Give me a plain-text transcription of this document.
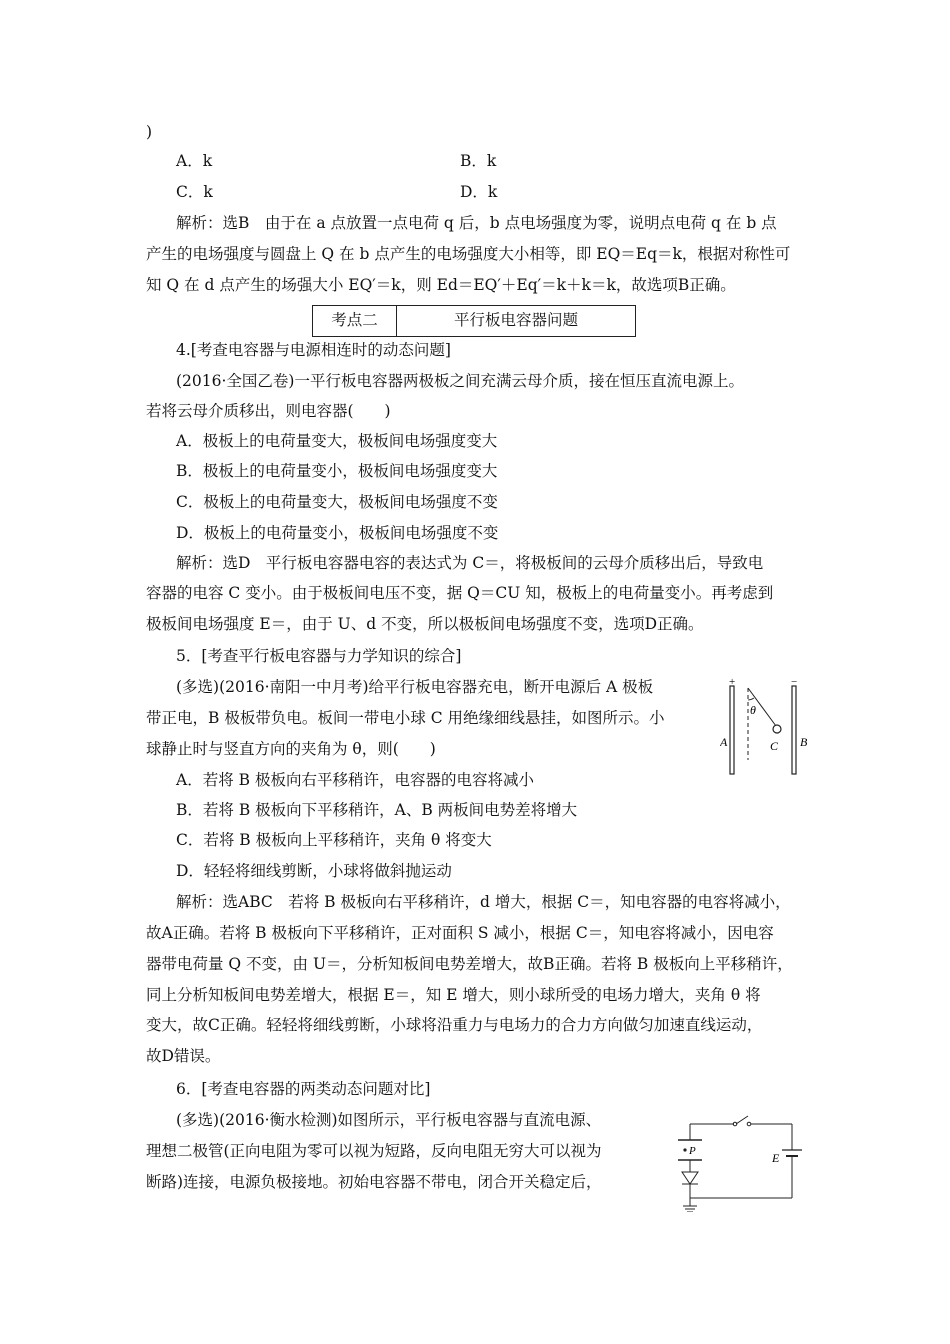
)
A．k	B．k
C．k	D．k
解析：选B　由于在 a 点放置一点电荷 q 后，b 点电场强度为零，说明点电荷 q 在 b 点
产生的电场强度与圆盘上 Q 在 b 点产生的电场强度大小相等，即 EQ＝Eq＝k，根据对称性可
知 Q 在 d 点产生的场强大小 EQ′＝k，则 Ed＝EQ′＋Eq′＝k＋k＝k，故选项B正确。
考点二	平行板电容器问题
4.[考查电容器与电源相连时的动态问题]
(2016·全国乙卷)一平行板电容器两极板之间充满云母介质，接在恒压直流电源上。
若将云母介质移出，则电容器(　　)
A．极板上的电荷量变大，极板间电场强度变大
B．极板上的电荷量变小，极板间电场强度变大
C．极板上的电荷量变大，极板间电场强度不变
D．极板上的电荷量变小，极板间电场强度不变
解析：选D　平行板电容器电容的表达式为 C＝，将极板间的云母介质移出后，导致电
容器的电容 C 变小。由于极板间电压不变，据 Q＝CU 知，极板上的电荷量变小。再考虑到
极板间电场强度 E＝，由于 U、d 不变，所以极板间电场强度不变，选项D正确。
5．[考查平行板电容器与力学知识的综合]
(多选)(2016·南阳一中月考)给平行板电容器充电，断开电源后 A 极板
带正电，B 极板带负电。板间一带电小球 C 用绝缘细线悬挂，如图所示。小
球静止时与竖直方向的夹角为 θ，则(　　)
A．若将 B 极板向右平移稍许，电容器的电容将减小
B．若将 B 极板向下平移稍许，A、B 两板间电势差将增大
C．若将 B 极板向上平移稍许，夹角 θ 将变大
D．轻轻将细线剪断，小球将做斜抛运动
解析：选ABC　若将 B 极板向右平移稍许，d 增大，根据 C＝，知电容器的电容将减小，
故A正确。若将 B 极板向下平移稍许，正对面积 S 减小，根据 C＝，知电容将减小，因电容
器带电荷量 Q 不变，由 U＝，分析知板间电势差增大，故B正确。若将 B 极板向上平移稍许，
同上分析知板间电势差增大，根据 E＝，知 E 增大，则小球所受的电场力增大，夹角 θ 将
变大，故C正确。轻轻将细线剪断，小球将沿重力与电场力的合力方向做匀加速直线运动，
故D错误。
6．[考查电容器的两类动态问题对比]
(多选)(2016·衡水检测)如图所示，平行板电容器与直流电源、
理想二极管(正向电阻为零可以视为短路，反向电阻无穷大可以视为
断路)连接，电源负极接地。初始电容器不带电，闭合开关稳定后，
+	−
θ
A	B
C
P	E
